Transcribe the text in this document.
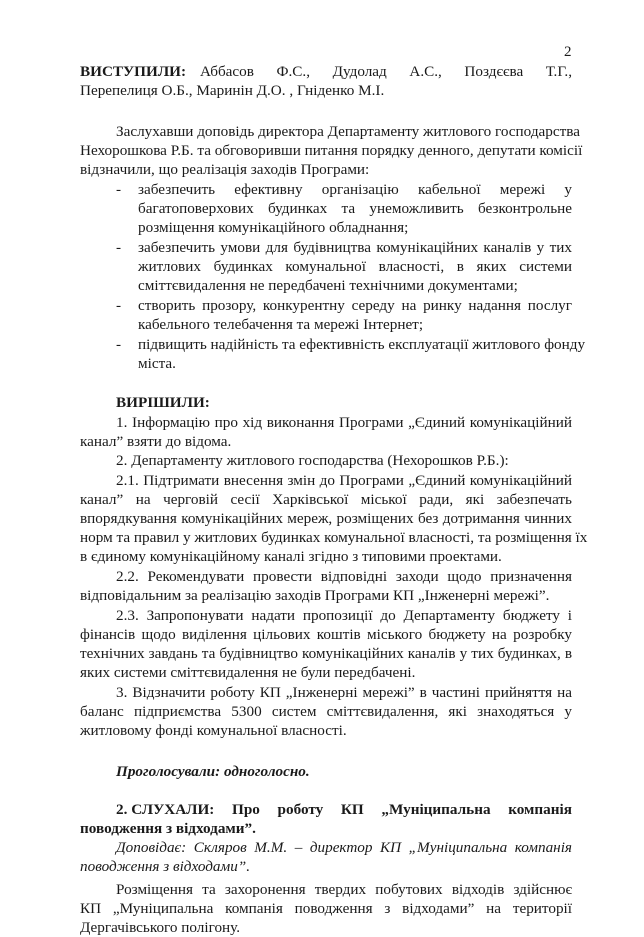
2
ВИСТУПИЛИ: Аббасов Ф.С., Дудолад А.С., Поздєєва Т.Г.,
Перепелиця О.Б., Маринін Д.О. , Гніденко М.І.
Заслухавши доповідь директора Департаменту житлового господарства
Нехорошкова Р.Б. та обговоривши питання порядку денного, депутати комісії
відзначили, що реалізація заходів Програми:
- забезпечить ефективну організацію кабельної мережі у
багатоповерхових будинках та унеможливить безконтрольне
розміщення комунікаційного обладнання;
- забезпечить умови для будівництва комунікаційних каналів у тих
житлових будинках комунальної власності, в яких системи
сміттєвидалення не передбачені технічними документами;
- створить прозору, конкурентну середу на ринку надання послуг
кабельного телебачення та мережі Інтернет;
- підвищить надійність та ефективність експлуатації житлового фонду
міста.
ВИРІШИЛИ:
1. Інформацію про хід виконання Програми „Єдиний комунікаційний
канал” взяти до відома.
2. Департаменту житлового господарства (Нехорошков Р.Б.):
2.1. Підтримати внесення змін до Програми „Єдиний комунікаційний
канал” на черговій сесії Харківської міської ради, які забезпечать
впорядкування комунікаційних мереж, розміщених без дотримання чинних
норм та правил у житлових будинках комунальної власності, та розміщення їх
в єдиному комунікаційному каналі згідно з типовими проектами.
2.2. Рекомендувати провести відповідні заходи щодо призначення
відповідальним за реалізацію заходів Програми КП „Інженерні мережі”.
2.3. Запропонувати надати пропозиції до Департаменту бюджету і
фінансів щодо виділення цільових коштів міського бюджету на розробку
технічних завдань та будівництво комунікаційних каналів у тих будинках, в
яких системи сміттєвидалення не були передбачені.
3. Відзначити роботу КП „Інженерні мережі” в частині прийняття на
баланс підприємства 5300 систем сміттєвидалення, які знаходяться у
житловому фонді комунальної власності.
Проголосували: одноголосно.
2. СЛУХАЛИ: Про роботу КП „Муніципальна компанія
поводження з відходами”.
Доповідає: Скляров М.М. – директор КП „Муніципальна компанія
поводження з відходами”.
Розміщення та захоронення твердих побутових відходів здійснює
КП „Муніципальна компанія поводження з відходами” на території
Дергачівського полігону.
